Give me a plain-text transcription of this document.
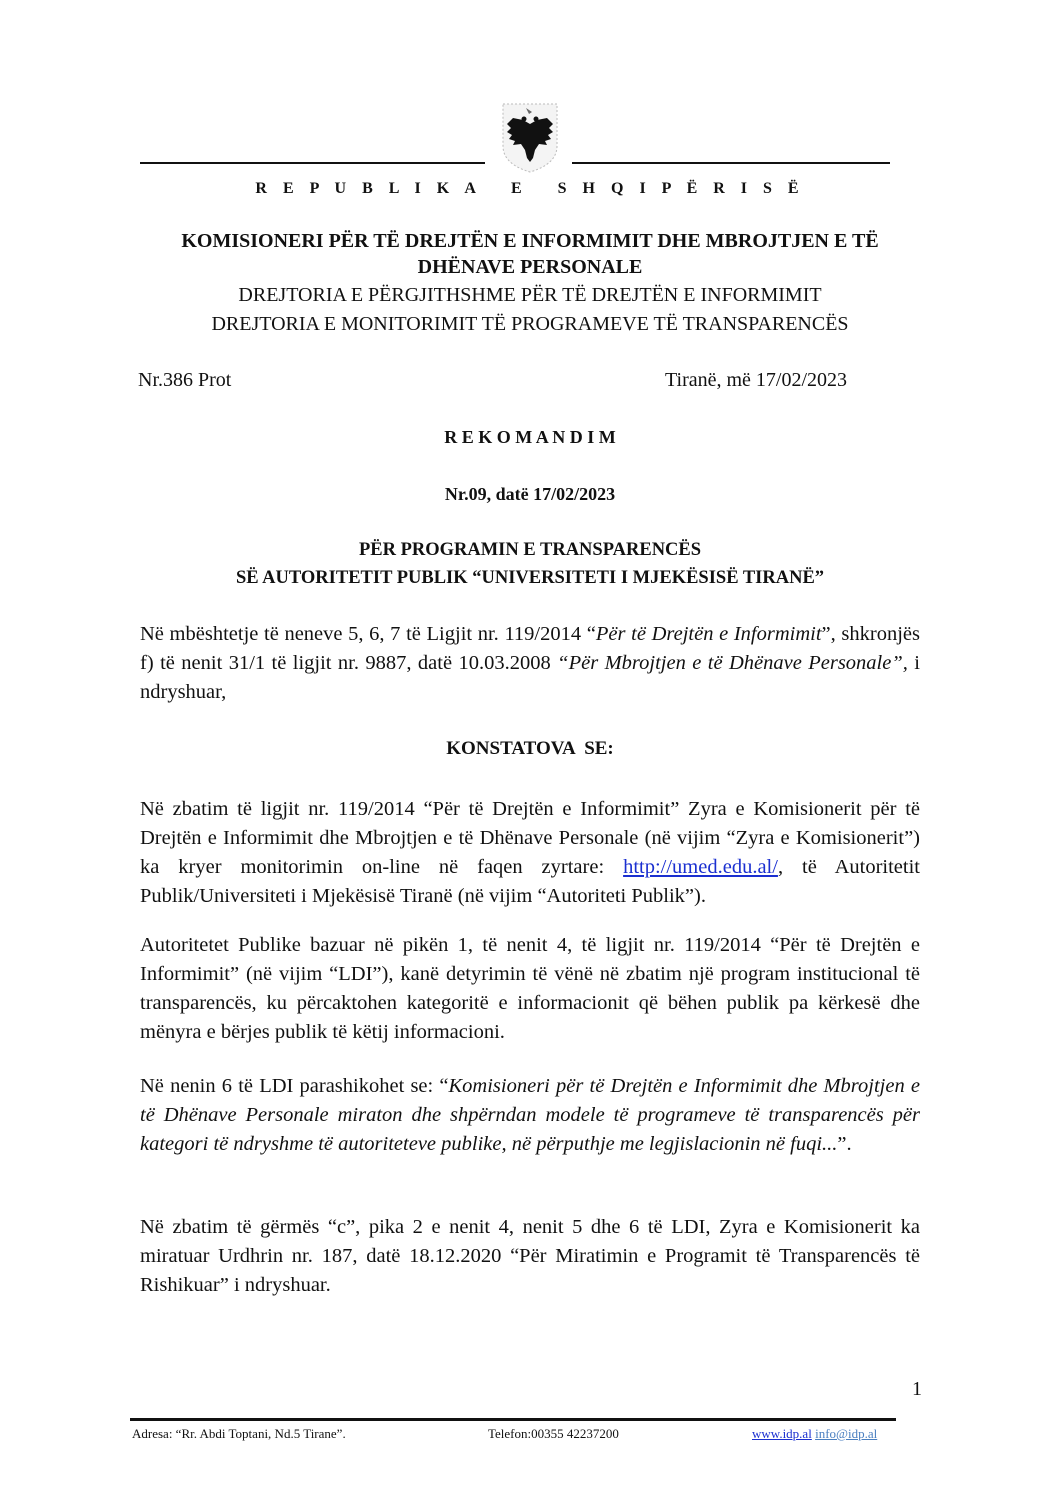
R E P U B L I K A   E   S H Q I P Ë R I S Ë
KOMISIONERI PËR TË DREJTËN E INFORMIMIT DHE MBROJTJEN E TË
DHËNAVE PERSONALE
DREJTORIA E PËRGJITHSHME PËR TË DREJTËN E INFORMIMIT
DREJTORIA E MONITORIMIT TË PROGRAMEVE TË TRANSPARENCËS
Nr.386 Prot	Tiranë, më 17/02/2023
R E K O M A N D I M
Nr.09, datë 17/02/2023
PËR PROGRAMIN E TRANSPARENCËS
SË AUTORITETIT PUBLIK “UNIVERSITETI I MJEKËSISË TIRANË”
Në mbështetje të neneve 5, 6, 7 të Ligjit nr. 119/2014 “Për të Drejtën e Informimit”, shkronjës f) të nenit 31/1 të ligjit nr. 9887, datë 10.03.2008 “Për Mbrojtjen e të Dhënave Personale”, i ndryshuar,
KONSTATOVA  SE:
Në zbatim të ligjit nr. 119/2014 “Për të Drejtën e Informimit” Zyra e Komisionerit për të Drejtën e Informimit dhe Mbrojtjen e të Dhënave Personale (në vijim “Zyra e Komisionerit”) ka kryer monitorimin on-line në faqen zyrtare: http://umed.edu.al/, të Autoritetit Publik/Universiteti i Mjekësisë Tiranë (në vijim “Autoriteti Publik”).
Autoritetet Publike bazuar në pikën 1, të nenit 4, të ligjit nr. 119/2014 “Për të Drejtën e Informimit” (në vijim “LDI”), kanë detyrimin të vënë në zbatim një program institucional të transparencës, ku përcaktohen kategoritë e informacionit që bëhen publik pa kërkesë dhe mënyra e bërjes publik të këtij informacioni.
Në nenin 6 të LDI parashikohet se: “Komisioneri për të Drejtën e Informimit dhe Mbrojtjen e të Dhënave Personale miraton dhe shpërndan modele të programeve të transparencës për kategori të ndryshme të autoriteteve publike, në përputhje me legjislacionin në fuqi...”.
Në zbatim të gërmës “c”, pika 2 e nenit 4, nenit 5 dhe 6 të LDI, Zyra e Komisionerit ka miratuar Urdhrin nr. 187, datë 18.12.2020 “Për Miratimin e Programit të Transparencës të Rishikuar” i ndryshuar.
1
Adresa: “Rr. Abdi Toptani, Nd.5 Tirane”.	Telefon:00355 42237200	www.idp.al info@idp.al
